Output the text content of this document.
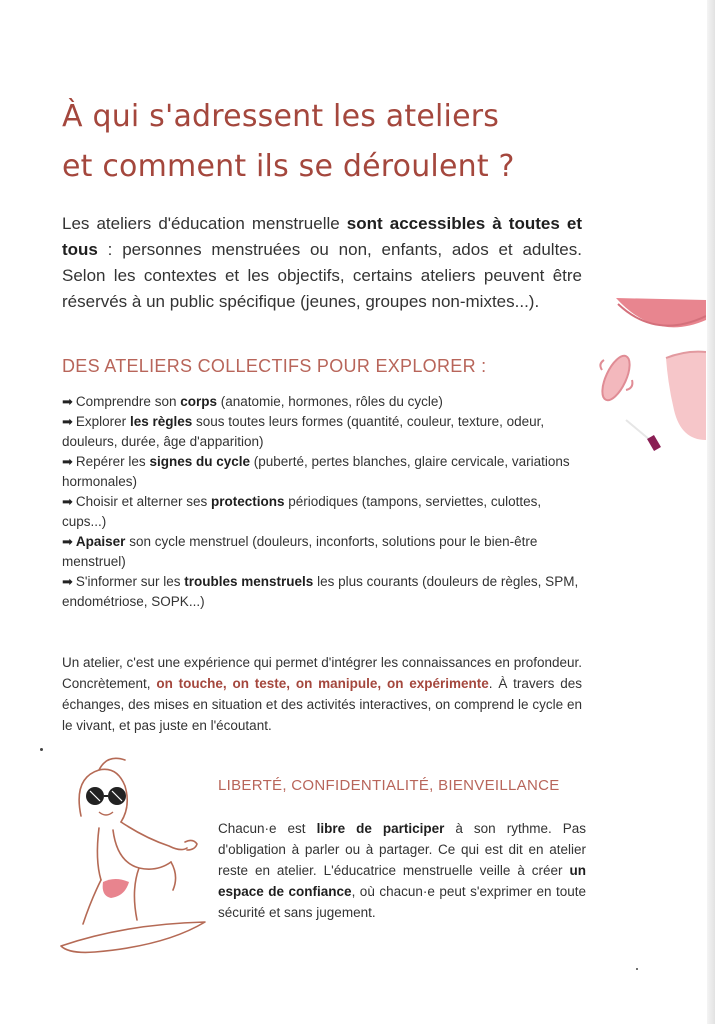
À qui s'adressent les ateliers
et comment ils se déroulent ?

Les ateliers d'éducation menstruelle sont accessibles à toutes et tous : personnes menstruées ou non, enfants, ados et adultes. Selon les contextes et les objectifs, certains ateliers peuvent être réservés à un public spécifique (jeunes, groupes non-mixtes...).

DES ATELIERS COLLECTIFS POUR EXPLORER :
➡ Comprendre son corps (anatomie, hormones, rôles du cycle)
➡ Explorer les règles sous toutes leurs formes (quantité, couleur, texture, odeur, douleurs, durée, âge d'apparition)
➡ Repérer les signes du cycle (puberté, pertes blanches, glaire cervicale, variations hormonales)
➡ Choisir et alterner ses protections périodiques (tampons, serviettes, culottes, cups...)
➡ Apaiser son cycle menstruel (douleurs, inconforts, solutions pour le bien-être menstruel)
➡ S'informer sur les troubles menstruels les plus courants (douleurs de règles, SPM, endométriose, SOPK...)

Un atelier, c'est une expérience qui permet d'intégrer les connaissances en profondeur. Concrètement, on touche, on teste, on manipule, on expérimente. À travers des échanges, des mises en situation et des activités interactives, on comprend le cycle en le vivant, et pas juste en l'écoutant.

LIBERTÉ, CONFIDENTIALITÉ, BIENVEILLANCE

Chacun·e est libre de participer à son rythme. Pas d'obligation à parler ou à partager. Ce qui est dit en atelier reste en atelier. L'éducatrice menstruelle veille à créer un espace de confiance, où chacun·e peut s'exprimer en toute sécurité et sans jugement.
